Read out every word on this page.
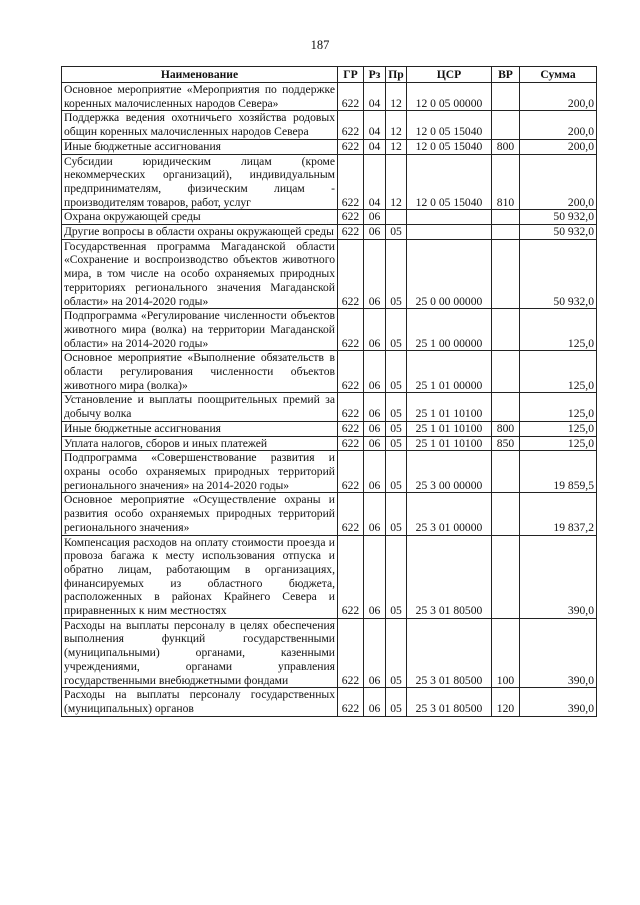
187
Наименование	ГР	Рз	Пр	ЦСР	ВР	Сумма
Основное мероприятие «Мероприятия по поддержке коренных малочисленных народов Севера»	622	04	12	12 0 05 00000		200,0
Поддержка ведения охотничьего хозяйства родовых общин коренных малочисленных народов Севера	622	04	12	12 0 05 15040		200,0
Иные бюджетные ассигнования	622	04	12	12 0 05 15040	800	200,0
Субсидии юридическим лицам (кроме некоммерческих организаций), индивидуальным предпринимателям, физическим лицам - производителям товаров, работ, услуг	622	04	12	12 0 05 15040	810	200,0
Охрана окружающей среды	622	06				50 932,0
Другие вопросы в области охраны окружающей среды	622	06	05			50 932,0
Государственная программа Магаданской области «Сохранение и воспроизводство объектов животного мира, в том числе на особо охраняемых природных территориях регионального значения Магаданской области» на 2014-2020 годы»	622	06	05	25 0 00 00000		50 932,0
Подпрограмма «Регулирование численности объектов животного мира (волка) на территории Магаданской области» на 2014-2020 годы»	622	06	05	25 1 00 00000		125,0
Основное мероприятие «Выполнение обязательств в области регулирования численности объектов животного мира (волка)»	622	06	05	25 1 01 00000		125,0
Установление и выплаты поощрительных премий за добычу волка	622	06	05	25 1 01 10100		125,0
Иные бюджетные ассигнования	622	06	05	25 1 01 10100	800	125,0
Уплата налогов, сборов и иных платежей	622	06	05	25 1 01 10100	850	125,0
Подпрограмма «Совершенствование развития и охраны особо охраняемых природных территорий регионального значения» на 2014-2020 годы»	622	06	05	25 3 00 00000		19 859,5
Основное мероприятие «Осуществление охраны и развития особо охраняемых природных территорий регионального значения»	622	06	05	25 3 01 00000		19 837,2
Компенсация расходов на оплату стоимости проезда и провоза багажа к месту использования отпуска и обратно лицам, работающим в организациях, финансируемых из областного бюджета, расположенных в районах Крайнего Севера и приравненных к ним местностях	622	06	05	25 3 01 80500		390,0
Расходы на выплаты персоналу в целях обеспечения выполнения функций государственными (муниципальными) органами, казенными учреждениями, органами управления государственными внебюджетными фондами	622	06	05	25 3 01 80500	100	390,0
Расходы на выплаты персоналу государственных (муниципальных) органов	622	06	05	25 3 01 80500	120	390,0
